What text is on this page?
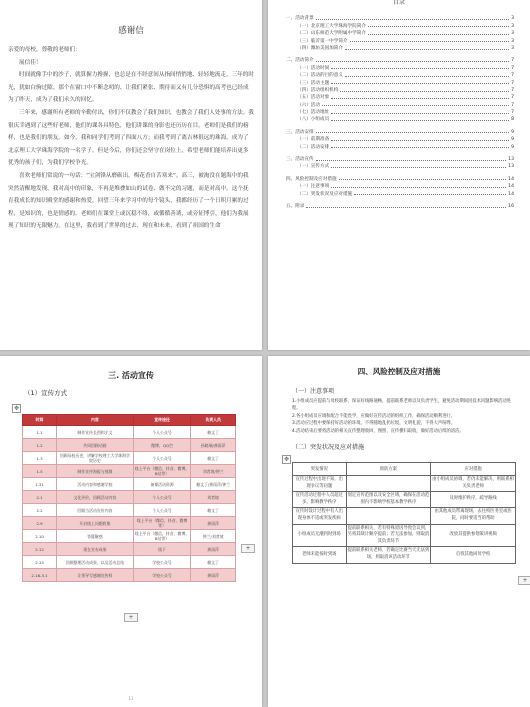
感谢信

亲爱的母校，尊敬的老师们：

展信佳！

时间就像手中的沙子，就算握力搀握，也总是在不经意间从指间悄悄地、轻轻地流走。三年的时光，犹如白驹过隙。那个在窗口中不断念叨的、让我们紧张、期待而又有几分恐惧的高考也已经成为了昨天，成为了我们永久的回忆。

三年来，感谢所有老师的辛勤付出，你们不仅教会了我们知识，也教会了我们人处事的方法。我很庆幸遇到了这些好老师，他们的课各具特色，他们讲课的身影也还历历在目。老师们是我们的榜样，也是我们的朋友。如今，我和同学们考到了四面八方；而我考到了离吉林很远的珠海，成为了北京理工大学珠海学院的一名学子。但是今后，你们还会坚守在岗位上，希望老师们能培养出更多优秀的孩子们，为我们学校争光。

喜欢老师们常说的一句话：“宝剑锋从磨砺出，梅花香自苦寒来”。高三，被淘没在题海中的我突然清醒地发现，我对高中的印象，不再是堆叠如山的试卷、做不完的习题，而是对高中，这个抚育我成长的知识殿堂的感谢和热爱。回望三年来学习中的每个镜头，我都经历了一个日积月累的过程，是知识的，也是情感的。老师们在课堂上或沉稳不络，或循循善诱，或旁征博引，他们为我展现了知识的无限魅力。在这里，我看到了世界的过去、现在和未来，看到了祖国的生命

目录
一、活动背景	3
（一）北京理工大学珠海学院简介	3
（二）山东师范大学附属中学简介	3
（三）临沂第一中学简介	3
（四）潍坊美国加简介	3
二、活动简介	7
（一）活动时间	7
（二）活动的目的意义	7
（三）活动主题	7
（四）活动组织机构	7
（五）活动对象	7
（六）活动	7
（七）活动地址	7
（八）小组成员	8
三、活动安排	9
（一）前期准备	9
（二）活动安排	9
三、活动宣传	13
（一）宣传方式	13
四、风险控制及应对措施	14
（一）注意事项	14
（二）突发状况及应对措施	14
五、附录	16
三. 活动宣传
（1）宣传方式
✥
时间	内容	宣传途径	负责人员
1.1	制作宣传长图和主文	个人公众号	赖文丁
1.2	共同回顾动画	微博、QQ空	孙晓瑞/龚雨萍
1.3	回顾母校历史，讲解学校理工大学珠海学院历史	个人公众号	赖文丁
1.5	制作宣传海报与视频	线上平台（微信、抖音、微博、B站等）	刘者坡/钟兰
1.31	活动内容和感谢学校	备课活动资源	赖文丁/龚雨萍/钟兰
2.1	文化评价，回顾活动内容	个人公众号	刘者坡
2.2	回顾当活动宣传内容	个人公众号	赖文丁
2.9	开启线上问题收集	线上平台（微信、抖音、微博等）	龚雨萍
2.10	答疑解惑	线上平台（微信、抖音、微博、B站等）	钟兰/刘者坡
2.12	现在宣布成果	线下	龚雨萍
2.15	回顾整理活动成果，以及活动总结	学校公众号	赖文丁
2.16-3.1	让领导写感谢宣传料	学校公众号	龚雨萍
+
+
11
四、风险控制及应对措施
（一）注意事项

1.小组成员应提前与母校联系，保证好线路通畅，提前联系老师以及负责学生，避免活动期间因技术问题影响活动进程。

2.各小组成员应调和配合不能畏学，应做好宣传活动的组织工作，确保活动顺利进行。

3.活动应过程中要保持好活动的环境，不得随地乱扔垃圾，文明礼貌，不得大声喧哗。

4.活动结束后要将活动的相关宣传整理收回，图照、宣传横归取收，做好活动后续的清洁。

（二）突发状况及应对措施
✥
突发情况	预防方案	应对措施
宣传过程中出现不知，出现争议等问题		由小组成员协调，若仍未能解决，则联系相关负责老师
宣传活动过程中人员超过多，影响教学秩序	划定宣传范围以及安全区域，确保在活动范围内不影响学校基本教学秩序	及时维护秩序，疏导路线
宣传时设计过程中有人出现身体不适或突发疾病		由其他成员带离现场，去往校医务室或医院，同时要适当的帮助
小组成员无潮到时到场	提前联系相关，若有特殊原因导致会议到，另将其缺计顺序提前；若无法参加，则取消其负责环节	改放其提供参划策讲视频
老师未能按时到场	提前联系相关老师，若确定比赛当天无法到场，则取消该活动环节	启找其他回母学校
+
